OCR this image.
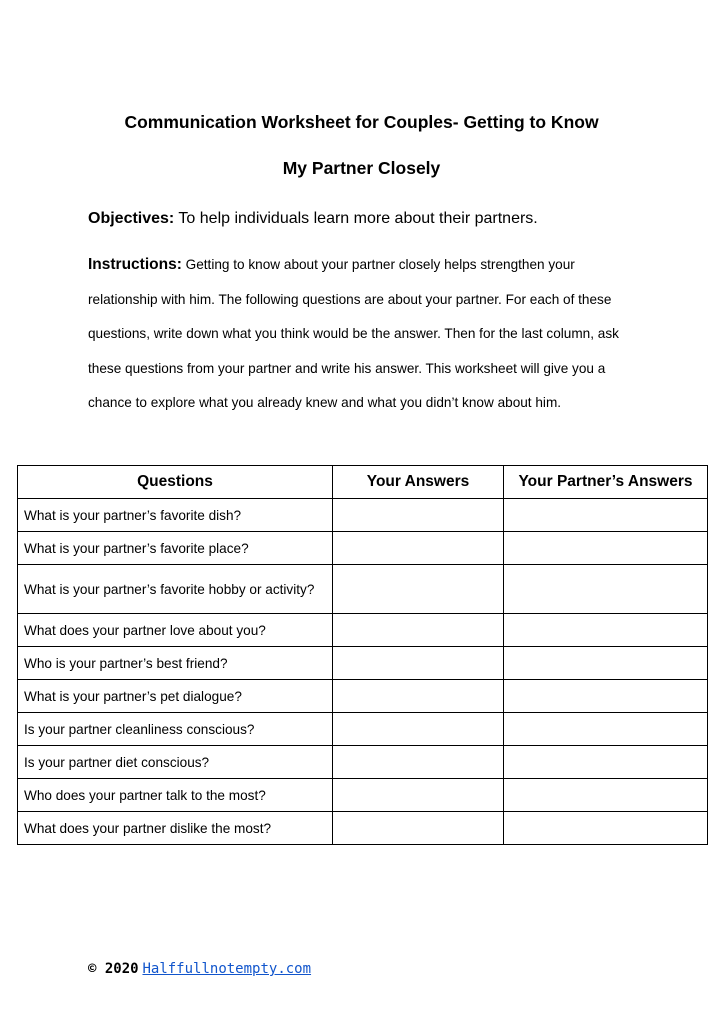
Communication Worksheet for Couples- Getting to Know
My Partner Closely

Objectives: To help individuals learn more about their partners.

Instructions: Getting to know about your partner closely helps strengthen your relationship with him. The following questions are about your partner. For each of these questions, write down what you think would be the answer. Then for the last column, ask these questions from your partner and write his answer. This worksheet will give you a chance to explore what you already knew and what you didn’t know about him.

Questions	Your Answers	Your Partner’s Answers
What is your partner’s favorite dish?		
What is your partner’s favorite place?		
What is your partner’s favorite hobby or activity?		
What does your partner love about you?		
Who is your partner’s best friend?		
What is your partner’s pet dialogue?		
Is your partner cleanliness conscious?		
Is your partner diet conscious?		
Who does your partner talk to the most?		
What does your partner dislike the most?		
© 2020 Halffullnotempty.com
